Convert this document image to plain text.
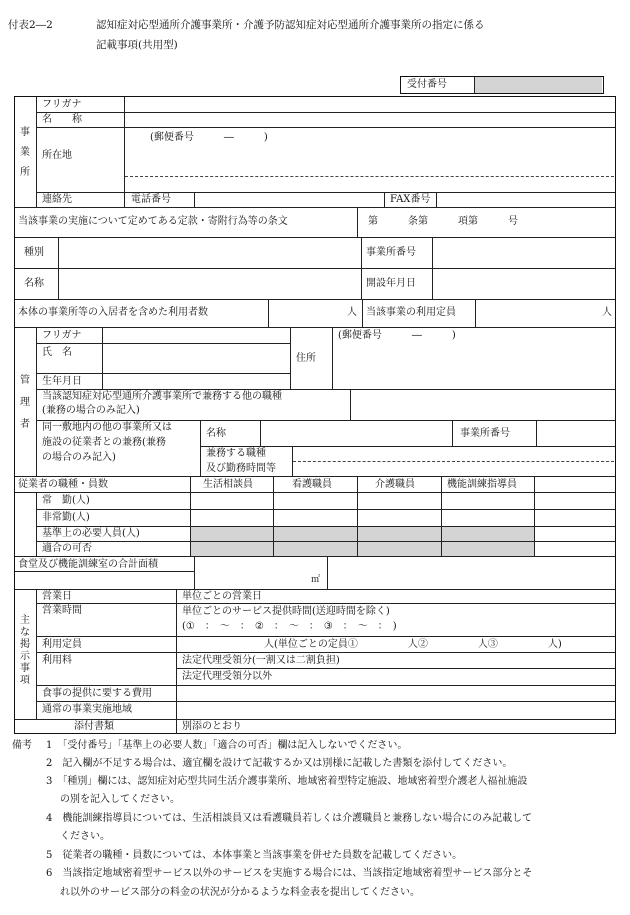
付表2―2	認知症対応型通所介護事業所・介護予防認知症対応型通所介護事業所の指定に係る
記載事項(共用型)
受付番号
事
業
所
フリガナ
名　　称
所在地
(郵便番号　　　―　　　)
連絡先	電話番号	FAX番号
当該事業の実施について定めてある定款・寄附行為等の条文	第　　　条第　　　項第　　　号
種別	事業所番号
名称	開設年月日
本体の事業所等の入居者を含めた利用者数	人 当該事業の利用定員	人
管
理
者
フリガナ
氏　名
住所
(郵便番号　　　―　　　)
生年月日
当該認知症対応型通所介護事業所で兼務する他の職種
(兼務の場合のみ記入)
同一敷地内の他の事業所又は
施設の従業者との兼務(兼務
の場合のみ記入)
名称	事業所番号
兼務する職種
及び勤務時間等
従業者の職種・員数	生活相談員	看護職員	介護職員	機能訓練指導員
常　勤(人)
非常勤(人)
基準上の必要人員(人)
適合の可否
食堂及び機能訓練室の合計面積
㎡
主
な
掲
示
事
項
営業日	単位ごとの営業日
営業時間	単位ごとのサービス提供時間(送迎時間を除く)
(①　：　～　：　②　：　～　：　③　：　～　：　)
利用定員	人(単位ごとの定員①　　　　　人②　　　　　人③　　　　　人)
利用料	法定代理受領分(一割又は二割負担)
法定代理受領分以外
食事の提供に要する費用
通常の事業実施地域
添付書類	別添のとおり
備考 1　「受付番号」「基準上の必要人数」「適合の可否」欄は記入しないでください。
2　記入欄が不足する場合は、適宜欄を設けて記載するか又は別様に記載した書類を添付してください。
3　「種別」欄には、認知症対応型共同生活介護事業所、地域密着型特定施設、地域密着型介護老人福祉施設
の別を記入してください。
4　機能訓練指導員については、生活相談員又は看護職員若しくは介護職員と兼務しない場合にのみ記載して
ください。
5　従業者の職種・員数については、本体事業と当該事業を併せた員数を記載してください。
6　当該指定地域密着型サービス以外のサービスを実施する場合には、当該指定地域密着型サービス部分とそ
れ以外のサービス部分の料金の状況が分かるような料金表を提出してください。
